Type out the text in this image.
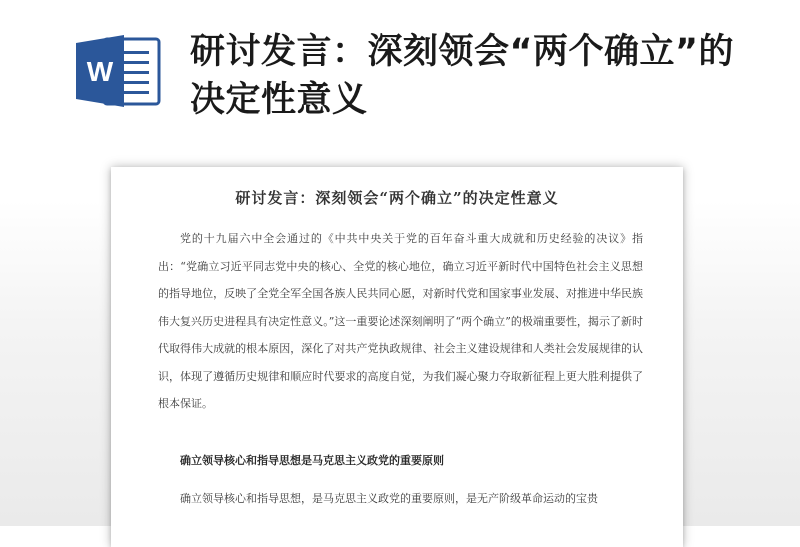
W 研讨发言：深刻领会“两个确立”的决定性意义
研讨发言：深刻领会“两个确立”的决定性意义

党的十九届六中全会通过的《中共中央关于党的百年奋斗重大成就和历史经验的决议》指出：“党确立习近平同志党中央的核心、全党的核心地位，确立习近平新时代中国特色社会主义思想的指导地位，反映了全党全军全国各族人民共同心愿，对新时代党和国家事业发展、对推进中华民族伟大复兴历史进程具有决定性意义。”这一重要论述深刻阐明了“两个确立”的极端重要性，揭示了新时代取得伟大成就的根本原因，深化了对共产党执政规律、社会主义建设规律和人类社会发展规律的认识，体现了遵循历史规律和顺应时代要求的高度自觉，为我们凝心聚力夺取新征程上更大胜利提供了根本保证。

确立领导核心和指导思想是马克思主义政党的重要原则

确立领导核心和指导思想，是马克思主义政党的重要原则，是无产阶级革命运动的宝贵
